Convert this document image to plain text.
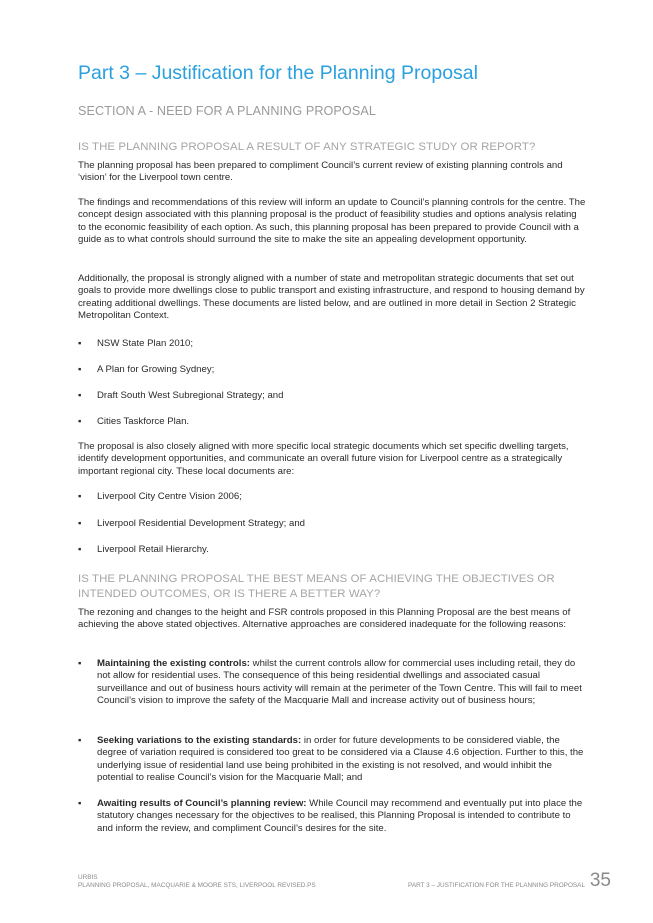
Part 3 – Justification for the Planning Proposal
SECTION A - NEED FOR A PLANNING PROPOSAL
IS THE PLANNING PROPOSAL A RESULT OF ANY STRATEGIC STUDY OR REPORT?

The planning proposal has been prepared to compliment Council’s current review of existing planning controls and ‘vision’ for the Liverpool town centre.

The findings and recommendations of this review will inform an update to Council’s planning controls for the centre. The concept design associated with this planning proposal is the product of feasibility studies and options analysis relating to the economic feasibility of each option. As such, this planning proposal has been prepared to provide Council with a guide as to what controls should surround the site to make the site an appealing development opportunity.

Additionally, the proposal is strongly aligned with a number of state and metropolitan strategic documents that set out goals to provide more dwellings close to public transport and existing infrastructure, and respond to housing demand by creating additional dwellings. These documents are listed below, and are outlined in more detail in Section 2 Strategic Metropolitan Context.

▪	NSW State Plan 2010;
▪	A Plan for Growing Sydney;
▪	Draft South West Subregional Strategy; and
▪	Cities Taskforce Plan.

The proposal is also closely aligned with more specific local strategic documents which set specific dwelling targets, identify development opportunities, and communicate an overall future vision for Liverpool centre as a strategically important regional city. These local documents are:

▪	Liverpool City Centre Vision 2006;
▪	Liverpool Residential Development Strategy; and
▪	Liverpool Retail Hierarchy.
IS THE PLANNING PROPOSAL THE BEST MEANS OF ACHIEVING THE OBJECTIVES OR
INTENDED OUTCOMES, OR IS THERE A BETTER WAY?

The rezoning and changes to the height and FSR controls proposed in this Planning Proposal are the best means of achieving the above stated objectives. Alternative approaches are considered inadequate for the following reasons:

▪	Maintaining the existing controls: whilst the current controls allow for commercial uses including retail, they do not allow for residential uses. The consequence of this being residential dwellings and associated casual surveillance and out of business hours activity will remain at the perimeter of the Town Centre. This will fail to meet Council’s vision to improve the safety of the Macquarie Mall and increase activity out of business hours;
▪	Seeking variations to the existing standards: in order for future developments to be considered viable, the degree of variation required is considered too great to be considered via a Clause 4.6 objection. Further to this, the underlying issue of residential land use being prohibited in the existing is not resolved, and would inhibit the potential to realise Council’s vision for the Macquarie Mall; and
▪	Awaiting results of Council’s planning review: While Council may recommend and eventually put into place the statutory changes necessary for the objectives to be realised, this Planning Proposal is intended to contribute to and inform the review, and compliment Council’s desires for the site.
URBIS
PLANNING PROPOSAL, MACQUARIE & MOORE STS, LIVERPOOL REVISED.PS	PART 3 – JUSTIFICATION FOR THE PLANNING PROPOSAL 35
